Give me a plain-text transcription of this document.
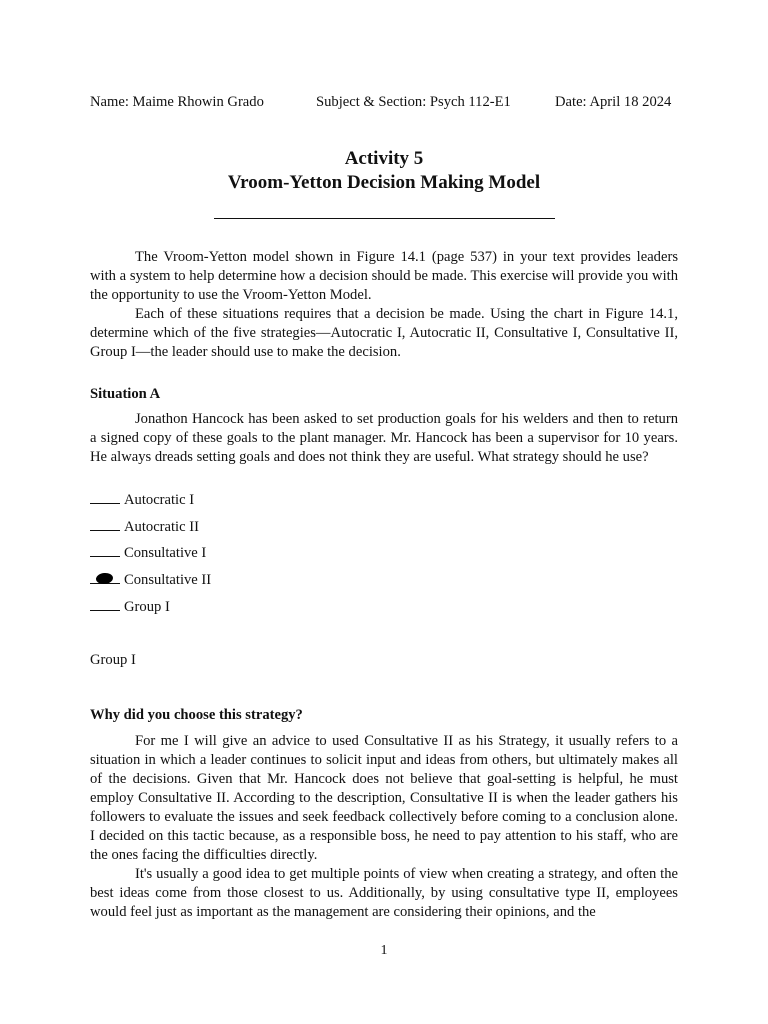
Name: Maime Rhowin Grado	Subject & Section: Psych 112-E1	Date: April 18 2024
Activity 5
Vroom-Yetton Decision Making Model

The Vroom-Yetton model shown in Figure 14.1 (page 537) in your text provides leaders with a system to help determine how a decision should be made. This exercise will provide you with the opportunity to use the Vroom-Yetton Model.

Each of these situations requires that a decision be made. Using the chart in Figure 14.1, determine which of the five strategies—Autocratic I, Autocratic II, Consultative I, Consultative II, Group I—the leader should use to make the decision.

Situation A

Jonathon Hancock has been asked to set production goals for his welders and then to return a signed copy of these goals to the plant manager. Mr. Hancock has been a supervisor for 10 years. He always dreads setting goals and does not think they are useful. What strategy should he use?

Autocratic I
Autocratic II
Consultative I
Consultative II
Group I
Group I
Why did you choose this strategy?

For me I will give an advice to used Consultative II as his Strategy, it usually refers to a situation in which a leader continues to solicit input and ideas from others, but ultimately makes all of the decisions. Given that Mr. Hancock does not believe that goal-setting is helpful, he must employ Consultative II. According to the description, Consultative II is when the leader gathers his followers to evaluate the issues and seek feedback collectively before coming to a conclusion alone. I decided on this tactic because, as a responsible boss, he need to pay attention to his staff, who are the ones facing the difficulties directly.

It's usually a good idea to get multiple points of view when creating a strategy, and often the best ideas come from those closest to us. Additionally, by using consultative type II, employees would feel just as important as the management are considering their opinions, and the

1
